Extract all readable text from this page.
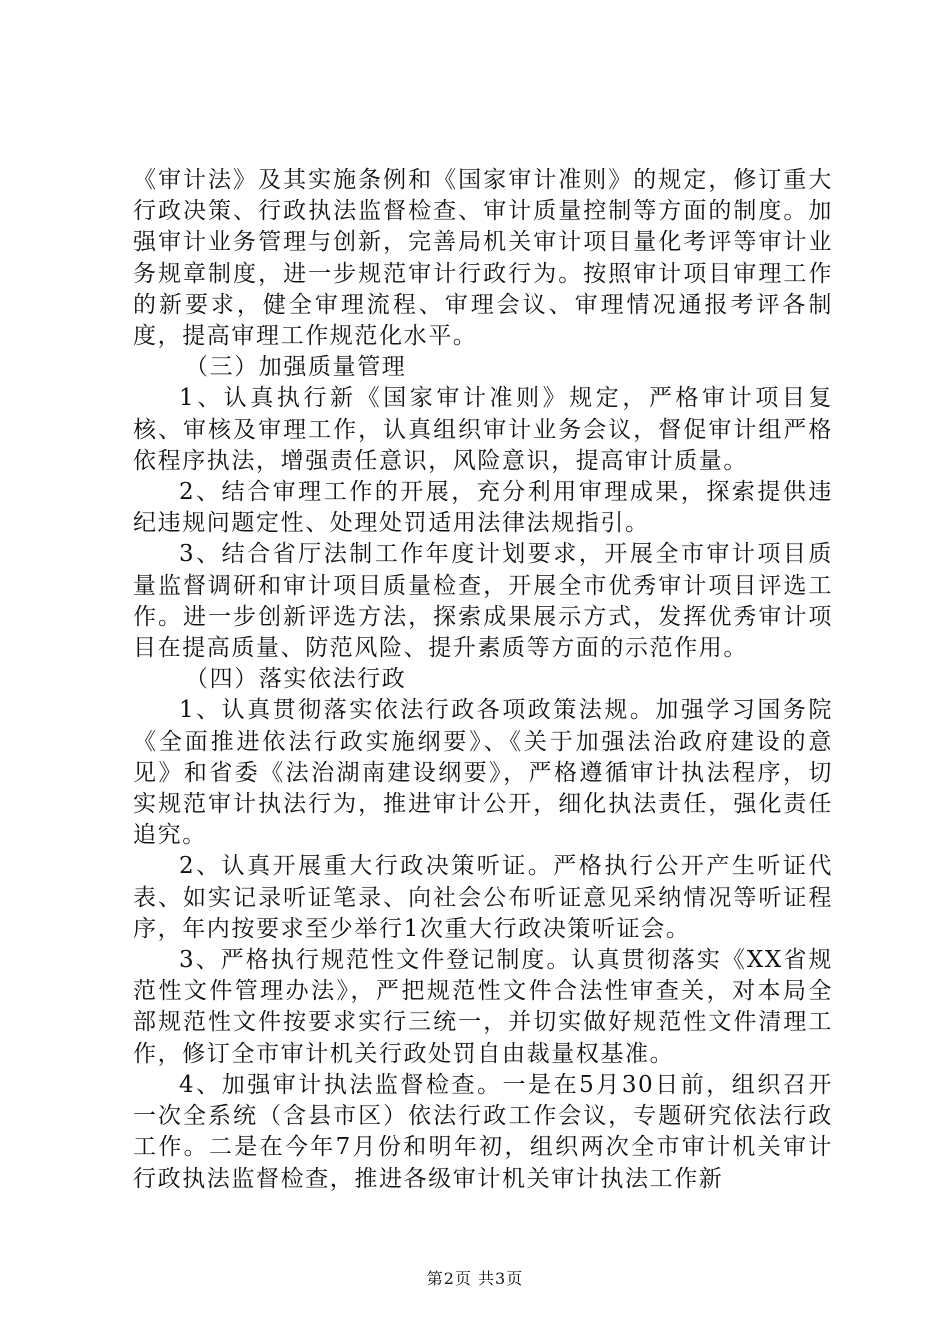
《审计法》及其实施条例和《国家审计准则》的规定，修订重大行政决策、行政执法监督检查、审计质量控制等方面的制度。加强审计业务管理与创新，完善局机关审计项目量化考评等审计业务规章制度，进一步规范审计行政行为。按照审计项目审理工作的新要求，健全审理流程、审理会议、审理情况通报考评各制度，提高审理工作规范化水平。

（三）加强质量管理

1、认真执行新《国家审计准则》规定，严格审计项目复核、审核及审理工作，认真组织审计业务会议，督促审计组严格依程序执法，增强责任意识，风险意识，提高审计质量。

2、结合审理工作的开展，充分利用审理成果，探索提供违纪违规问题定性、处理处罚适用法律法规指引。

3、结合省厅法制工作年度计划要求，开展全市审计项目质量监督调研和审计项目质量检查，开展全市优秀审计项目评选工作。进一步创新评选方法，探索成果展示方式，发挥优秀审计项目在提高质量、防范风险、提升素质等方面的示范作用。

（四）落实依法行政

1、认真贯彻落实依法行政各项政策法规。加强学习国务院《全面推进依法行政实施纲要》、《关于加强法治政府建设的意见》和省委《法治湖南建设纲要》，严格遵循审计执法程序，切实规范审计执法行为，推进审计公开，细化执法责任，强化责任追究。

2、认真开展重大行政决策听证。严格执行公开产生听证代表、如实记录听证笔录、向社会公布听证意见采纳情况等听证程序，年内按要求至少举行1次重大行政决策听证会。

3、严格执行规范性文件登记制度。认真贯彻落实《XX省规范性文件管理办法》，严把规范性文件合法性审查关，对本局全部规范性文件按要求实行三统一，并切实做好规范性文件清理工作，修订全市审计机关行政处罚自由裁量权基准。

4、加强审计执法监督检查。一是在5月30日前，组织召开一次全系统（含县市区）依法行政工作会议，专题研究依法行政工作。二是在今年7月份和明年初，组织两次全市审计机关审计行政执法监督检查，推进各级审计机关审计执法工作新

第2页 共3页
